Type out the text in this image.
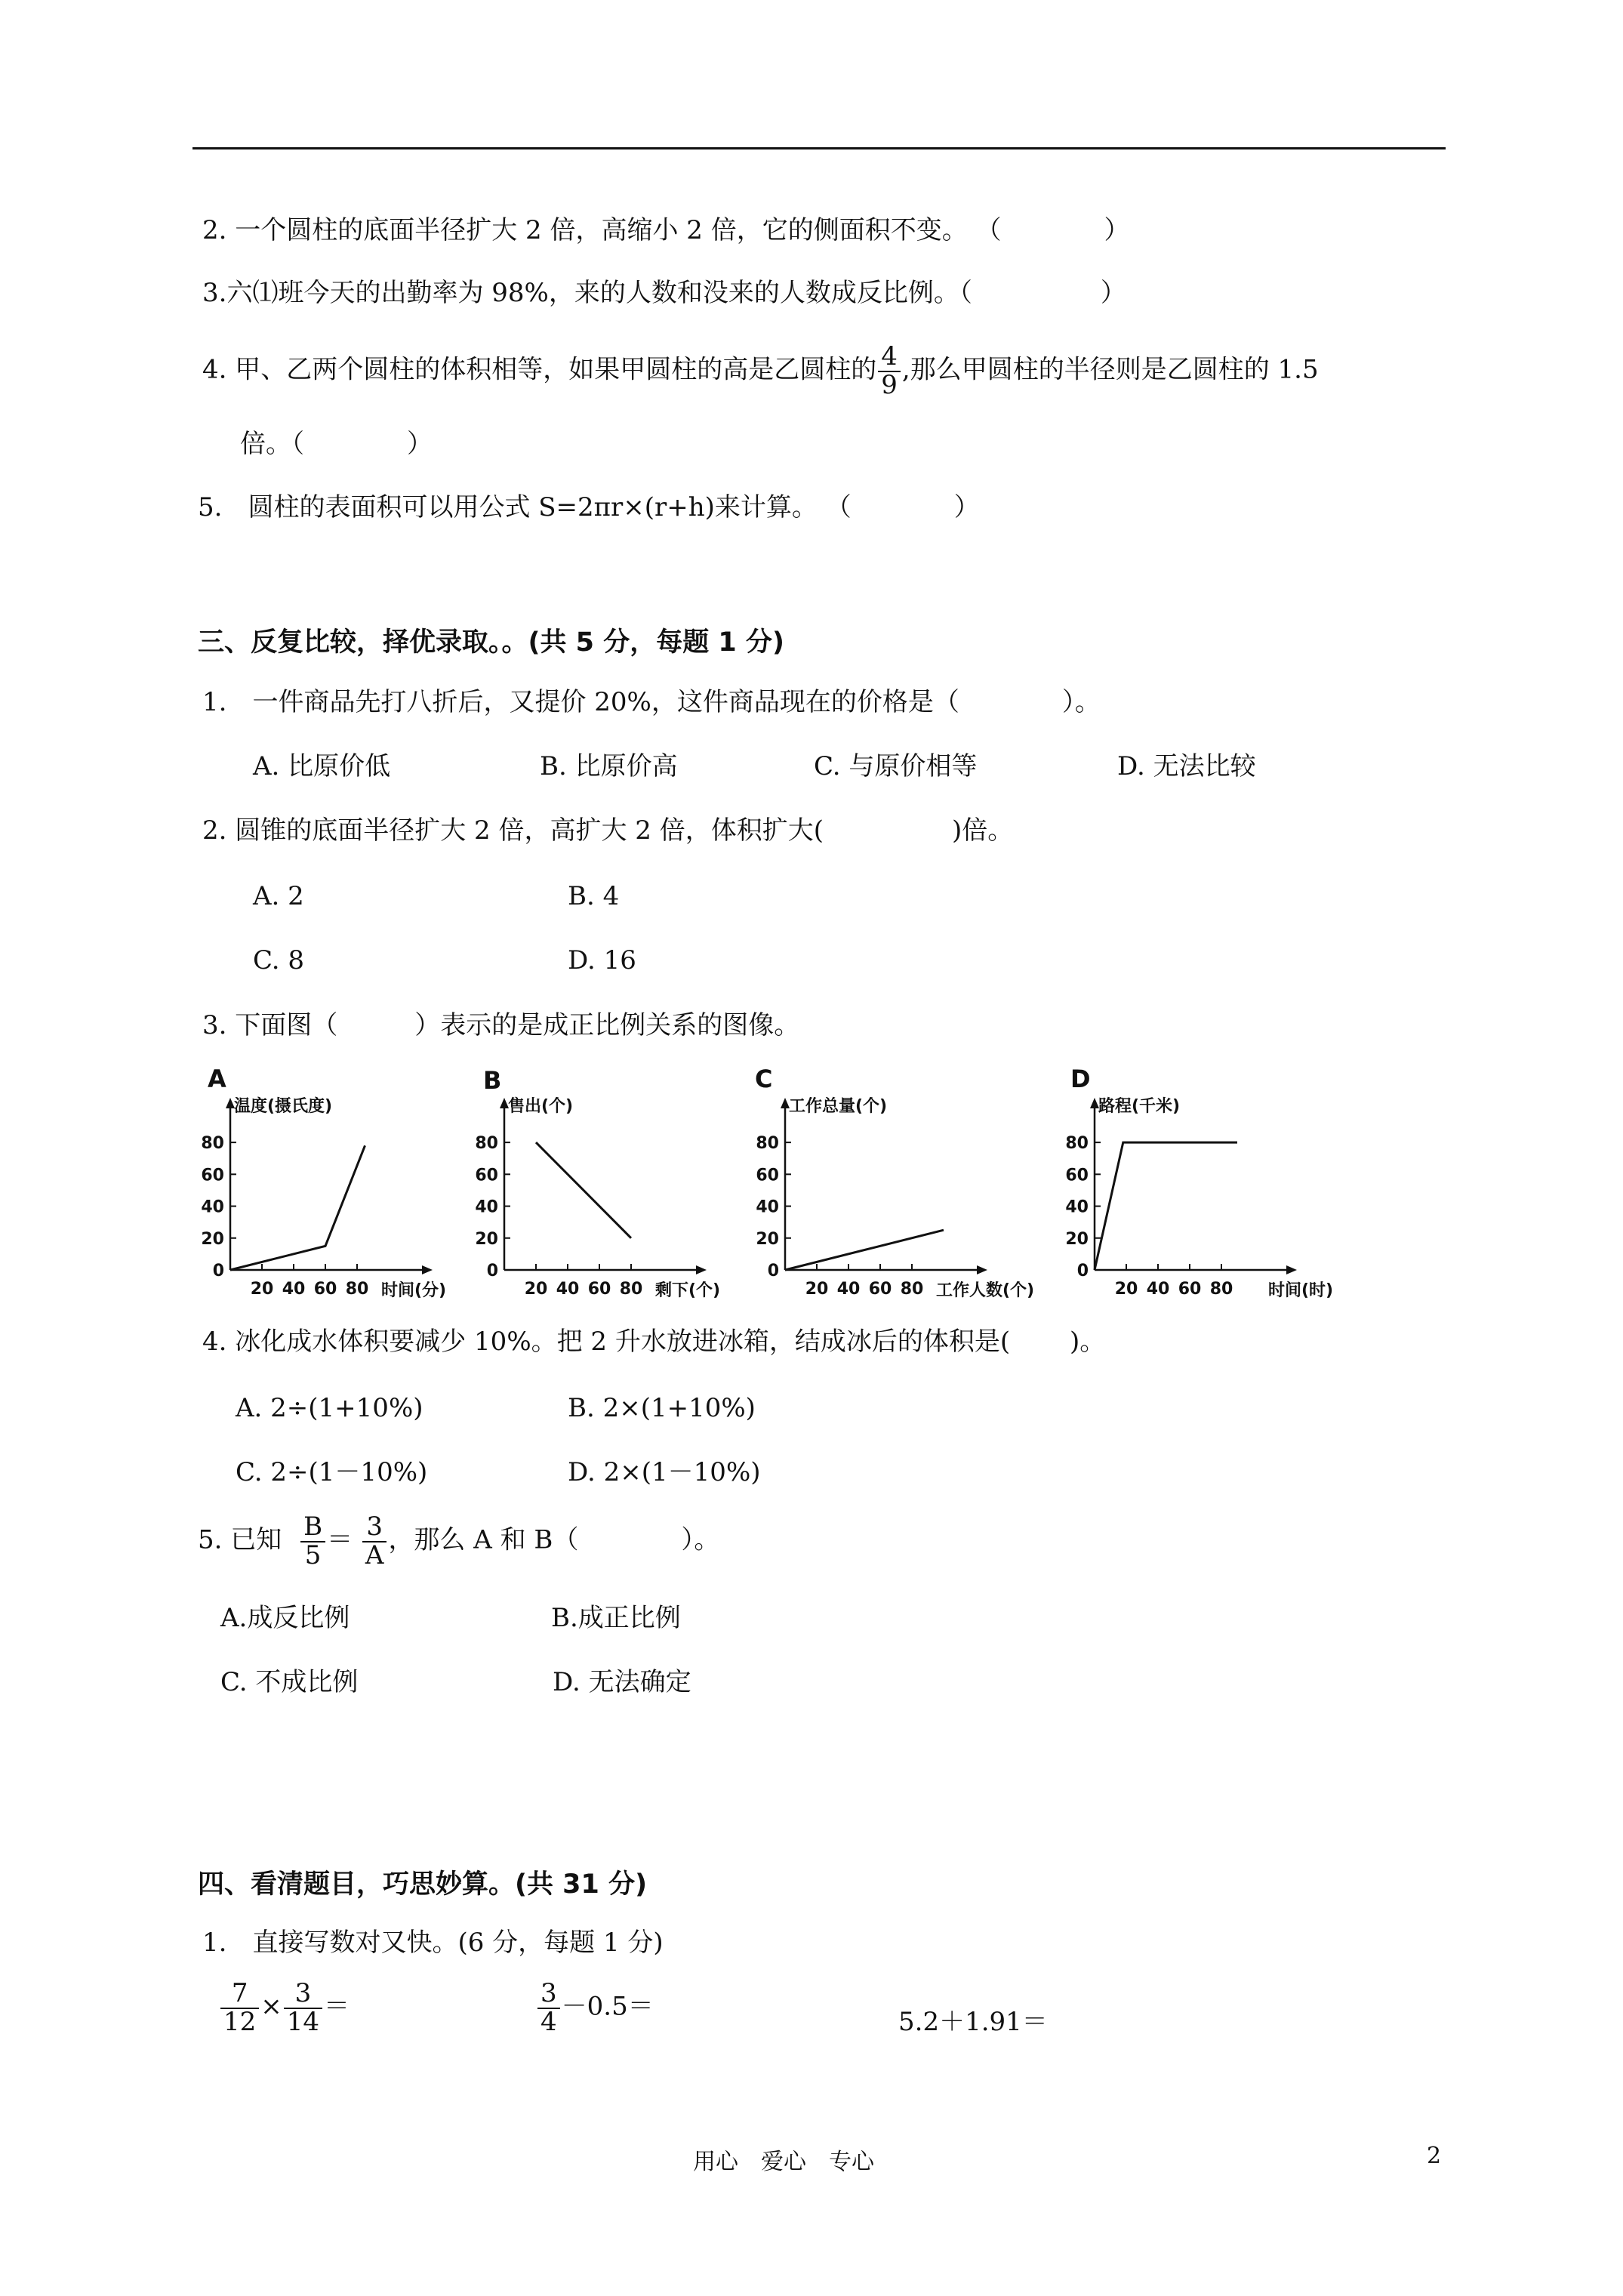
2. 一个圆柱的底面半径扩大 2 倍，高缩小 2 倍，它的侧面积不变。 （　　　　）
3.六⑴班今天的出勤率为 98%，来的人数和没来的人数成反比例。（　　　　　）
4. 甲、乙两个圆柱的体积相等，如果甲圆柱的高是乙圆柱的 $\frac{4}{9}$ ,那么甲圆柱的半径则是乙圆柱的 1.5
倍。（　　　　）
5.　圆柱的表面积可以用公式 S=2πr×(r+h)来计算。 （　　　　）
三、反复比较，择优录取。。(共 5 分，每题 1 分)
1.　一件商品先打八折后，又提价 20%，这件商品现在的价格是（　　　　）。
A. 比原价低	B. 比原价高	C. 与原价相等	D. 无法比较
2. 圆锥的底面半径扩大 2 倍，高扩大 2 倍，体积扩大(　　　　　)倍。
A. 2	B. 4
C. 8	D. 16
3. 下面图（　　　）表示的是成正比例关系的图像。
A	B	C	D
0
20
40
60
80
20 40 60 80
温度(摄氏度)
时间(分)
0
20
40
60
80
20 40 60 80
售出(个)
剩下(个)
0
20
40
60
80
20 40 60 80
工作总量(个)
工作人数(个)
0
20
40
60
80
20 40 60 80
路程(千米)
时间(时)
4. 冰化成水体积要减少 10%。把 2 升水放进冰箱，结成冰后的体积是(　　 )。
A. 2÷(1+10%)	B. 2×(1+10%)
C. 2÷(1－10%)	D. 2×(1－10%)
5. 已知 $\frac{B}{5} = \frac{3}{A}$ ，那么 A 和 B（　　　　）。
A.成反比例	B.成正比例
C. 不成比例	D. 无法确定
四、看清题目，巧思妙算。(共 31 分)
1.　直接写数对又快。(6 分，每题 1 分)
$\frac{7}{12} \times \frac{3}{14}$ ＝	$\frac{3}{4} -0.5=$
5.2＋1.91＝
用心　爱心　专心	2
